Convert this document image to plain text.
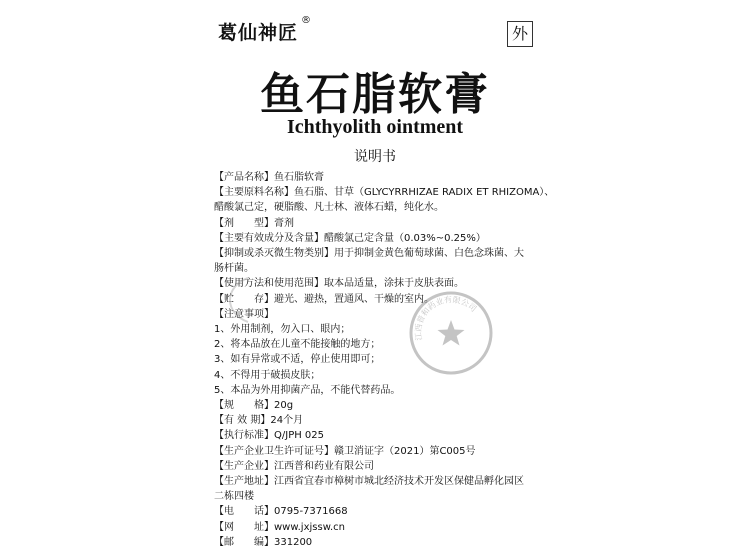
葛仙神匠
®
外
鱼石脂软膏
Ichthyolith ointment
说明书
【产品名称】鱼石脂软膏
【主要原料名称】鱼石脂、甘草（GLYCYRRHIZAE RADIX ET RHIZOMA）、
醋酸氯己定，硬脂酸、凡士林、液体石蜡，纯化水。
【剂　　型】膏剂
【主要有效成分及含量】醋酸氯己定含量（0.03%~0.25%）
【抑制或杀灭微生物类别】用于抑制金黄色葡萄球菌、白色念珠菌、大
肠杆菌。
【使用方法和使用范围】取本品适量，涂抹于皮肤表面。
【贮　　存】避光、避热，置通风、干燥的室内。
【注意事项】
1、外用制剂，勿入口、眼内；
2、将本品放在儿童不能接触的地方；
3、如有异常或不适，停止使用即可；
4、不得用于破损皮肤；
5、本品为外用抑菌产品，不能代替药品。
【规　　格】20g
【有 效 期】24个月
【执行标准】Q/JPH 025
【生产企业卫生许可证号】赣卫消证字（2021）第C005号
【生产企业】江西普和药业有限公司
【生产地址】江西省宜春市樟树市城北经济技术开发区保健品孵化园区
二栋四楼
【电　　话】0795-7371668
【网　　址】www.jxjssw.cn
【邮　　编】331200
江西普和药业有限公司
